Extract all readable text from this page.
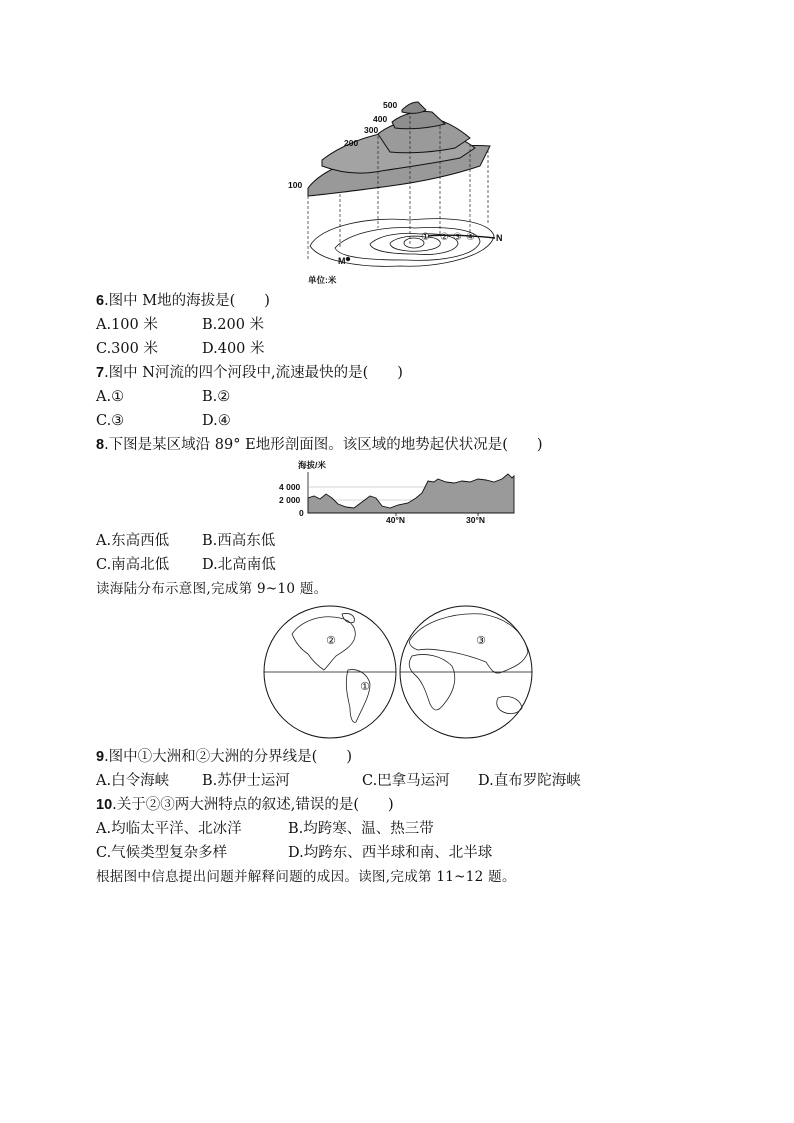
500
400
300
200
100
① ② ③ ④ N
M
单位:米
6.图中 M地的海拔是(　　)
A.100 米	B.200 米
C.300 米	D.400 米
7.图中 N河流的四个河段中,流速最快的是(　　)
A.①	B.②
C.③	D.④
8.下图是某区域沿 89° E地形剖面图。该区域的地势起伏状况是(　　)
海拔/米
4 000
2 000
0
40°N	30°N
A.东高西低 B.西高东低
C.南高北低 D.北高南低
读海陆分布示意图,完成第 9~10 题。
②
①
③
9.图中①大洲和②大洲的分界线是(　　)
A.白令海峡 B.苏伊士运河	C.巴拿马运河 D.直布罗陀海峡
10.关于②③两大洲特点的叙述,错误的是(　　)
A.均临太平洋、北冰洋	B.均跨寒、温、热三带
C.气候类型复杂多样	D.均跨东、西半球和南、北半球
根据图中信息提出问题并解释问题的成因。读图,完成第 11~12 题。
